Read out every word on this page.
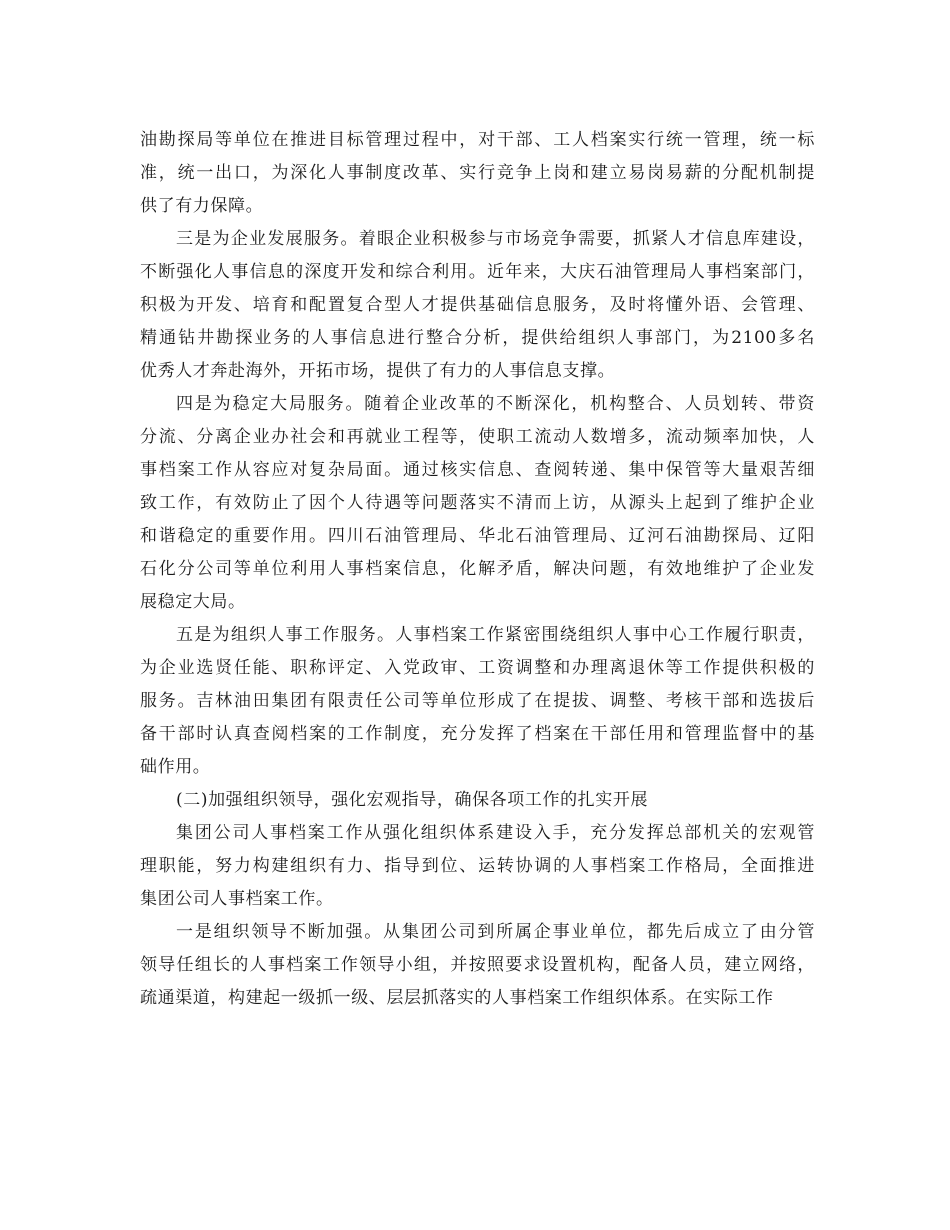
油勘探局等单位在推进目标管理过程中，对干部、工人档案实行统一管理，统一标
准，统一出口，为深化人事制度改革、实行竞争上岗和建立易岗易薪的分配机制提
供了有力保障。
三是为企业发展服务。着眼企业积极参与市场竞争需要，抓紧人才信息库建设，
不断强化人事信息的深度开发和综合利用。近年来，大庆石油管理局人事档案部门，
积极为开发、培育和配置复合型人才提供基础信息服务，及时将懂外语、会管理、
精通钻井勘探业务的人事信息进行整合分析，提供给组织人事部门，为2100多名
优秀人才奔赴海外，开拓市场，提供了有力的人事信息支撑。
四是为稳定大局服务。随着企业改革的不断深化，机构整合、人员划转、带资
分流、分离企业办社会和再就业工程等，使职工流动人数增多，流动频率加快，人
事档案工作从容应对复杂局面。通过核实信息、查阅转递、集中保管等大量艰苦细
致工作，有效防止了因个人待遇等问题落实不清而上访，从源头上起到了维护企业
和谐稳定的重要作用。四川石油管理局、华北石油管理局、辽河石油勘探局、辽阳
石化分公司等单位利用人事档案信息，化解矛盾，解决问题，有效地维护了企业发
展稳定大局。
五是为组织人事工作服务。人事档案工作紧密围绕组织人事中心工作履行职责，
为企业选贤任能、职称评定、入党政审、工资调整和办理离退休等工作提供积极的
服务。吉林油田集团有限责任公司等单位形成了在提拔、调整、考核干部和选拔后
备干部时认真查阅档案的工作制度，充分发挥了档案在干部任用和管理监督中的基
础作用。
(二)加强组织领导，强化宏观指导，确保各项工作的扎实开展
集团公司人事档案工作从强化组织体系建设入手，充分发挥总部机关的宏观管
理职能，努力构建组织有力、指导到位、运转协调的人事档案工作格局，全面推进
集团公司人事档案工作。
一是组织领导不断加强。从集团公司到所属企事业单位，都先后成立了由分管
领导任组长的人事档案工作领导小组，并按照要求设置机构，配备人员，建立网络，
疏通渠道，构建起一级抓一级、层层抓落实的人事档案工作组织体系。在实际工作
